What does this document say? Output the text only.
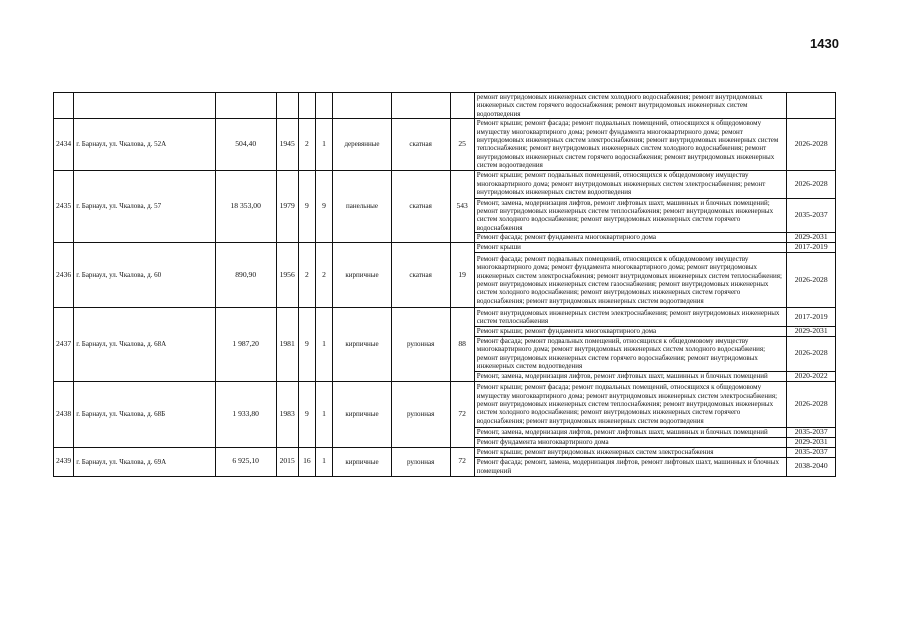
1430
									ремонт внутридомовых инженерных систем холодного водоснабжения; ремонт внутридомовых инженерных систем горячего водоснабжения; ремонт внутридомовых инженерных систем водоотведения	
2434	г. Барнаул, ул. Чкалова, д. 52А	504,40	1945	2	1	деревянные	скатная	25	Ремонт крыши; ремонт фасада; ремонт подвальных помещений, относящихся к общедомовому имуществу многоквартирного дома; ремонт фундамента многоквартирного дома; ремонт внутридомовых инженерных систем электроснабжения; ремонт внутридомовых инженерных систем теплоснабжения; ремонт внутридомовых инженерных систем холодного водоснабжения; ремонт внутридомовых инженерных систем горячего водоснабжения; ремонт внутридомовых инженерных систем водоотведения	2026-2028
2435	г. Барнаул, ул. Чкалова, д. 57	18 353,00	1979	9	9	панельные	скатная	543	Ремонт крыши; ремонт подвальных помещений, относящихся к общедомовому имуществу многоквартирного дома; ремонт внутридомовых инженерных систем электроснабжения; ремонт внутридомовых инженерных систем водоотведения	2026-2028
									Ремонт, замена, модернизация лифтов, ремонт лифтовых шахт, машинных и блочных помещений; ремонт внутридомовых инженерных систем теплоснабжения; ремонт внутридомовых инженерных систем холодного водоснабжения; ремонт внутридомовых инженерных систем горячего водоснабжения	2035-2037
									Ремонт фасада; ремонт фундамента многоквартирного дома	2029-2031
2436	г. Барнаул, ул. Чкалова, д. 60	890,90	1956	2	2	кирпичные	скатная	19	Ремонт крыши	2017-2019
									Ремонт фасада; ремонт подвальных помещений, относящихся к общедомовому имуществу многоквартирного дома; ремонт фундамента многоквартирного дома; ремонт внутридомовых инженерных систем электроснабжения; ремонт внутридомовых инженерных систем теплоснабжения; ремонт внутридомовых инженерных систем газоснабжения; ремонт внутридомовых инженерных систем холодного водоснабжения; ремонт внутридомовых инженерных систем горячего водоснабжения; ремонт внутридомовых инженерных систем водоотведения	2026-2028
2437	г. Барнаул, ул. Чкалова, д. 68А	1 987,20	1981	9	1	кирпичные	рулонная	88	Ремонт внутридомовых инженерных систем электроснабжения; ремонт внутридомовых инженерных систем теплоснабжения	2017-2019
									Ремонт крыши; ремонт фундамента многоквартирного дома	2029-2031
									Ремонт фасада; ремонт подвальных помещений, относящихся к общедомовому имуществу многоквартирного дома; ремонт внутридомовых инженерных систем холодного водоснабжения; ремонт внутридомовых инженерных систем горячего водоснабжения; ремонт внутридомовых инженерных систем водоотведения	2026-2028
									Ремонт, замена, модернизация лифтов, ремонт лифтовых шахт, машинных и блочных помещений	2020-2022
2438	г. Барнаул, ул. Чкалова, д. 68Б	1 933,80	1983	9	1	кирпичные	рулонная	72	Ремонт крыши; ремонт фасада; ремонт подвальных помещений, относящихся к общедомовому имуществу многоквартирного дома; ремонт внутридомовых инженерных систем электроснабжения; ремонт внутридомовых инженерных систем теплоснабжения; ремонт внутридомовых инженерных систем холодного водоснабжения; ремонт внутридомовых инженерных систем горячего водоснабжения; ремонт внутридомовых инженерных систем водоотведения	2026-2028
									Ремонт, замена, модернизация лифтов, ремонт лифтовых шахт, машинных и блочных помещений	2035-2037
									Ремонт фундамента многоквартирного дома	2029-2031
2439	г. Барнаул, ул. Чкалова, д. 69А	6 925,10	2015	16	1	кирпичные	рулонная	72	Ремонт крыши; ремонт внутридомовых инженерных систем электроснабжения	2035-2037
									Ремонт фасада; ремонт, замена, модернизация лифтов, ремонт лифтовых шахт, машинных и блочных помещений	2038-2040
